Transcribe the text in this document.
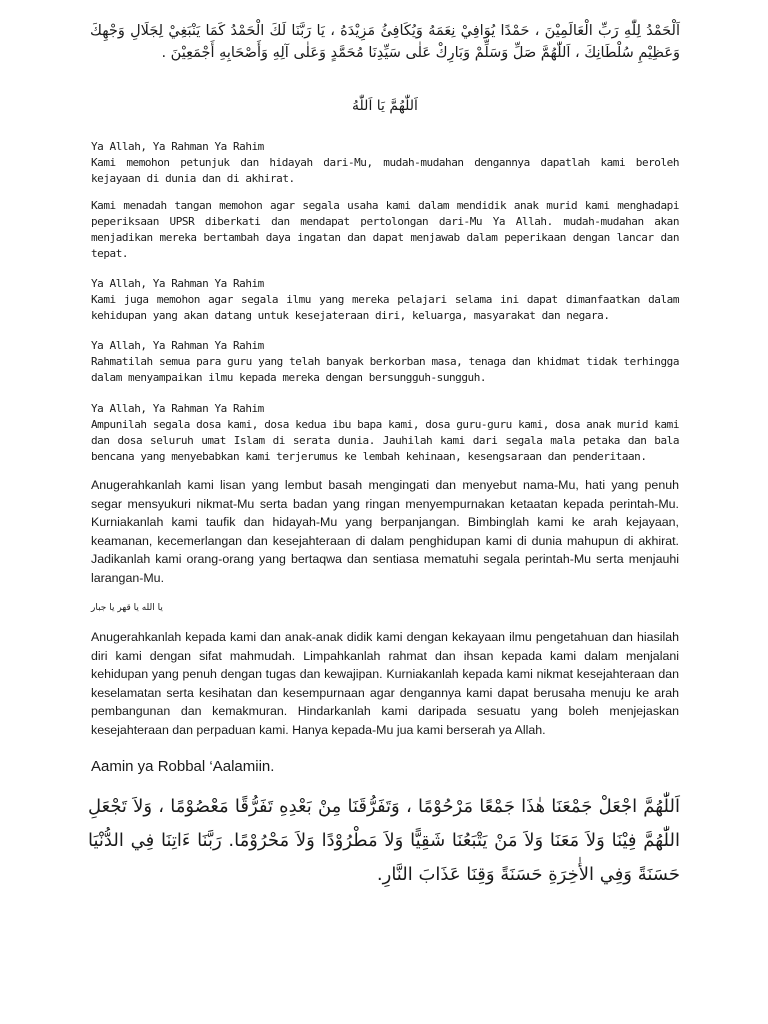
اَلْحَمْدُ لِلّٰهِ رَبِّ الْعَالَمِيْنَ ، حَمْدًا يُوَافِيْ نِعَمَهُ وَيُكَافِئُ مَزِيْدَهُ ، يَا رَبَّنَا لَكَ الْحَمْدُ كَمَا يَنْبَغِيْ لِجَلَالِ وَجْهِكَ وَعَظِيْمِ سُلْطَانِكَ ، اَللّٰهُمَّ صَلِّ وَسَلِّمْ وَبَارِكْ عَلٰى سَيِّدِنَا مُحَمَّدٍ وَعَلٰى آلِهِ وَأَصْحَابِهِ أَجْمَعِيْنَ .
اَللّٰهُمَّ يَا اَللّٰهُ

Ya Allah, Ya Rahman Ya Rahim

Kami memohon petunjuk dan hidayah dari-Mu, mudah-mudahan dengannya dapatlah kami beroleh kejayaan di dunia dan di akhirat.

Kami menadah tangan memohon agar segala usaha kami dalam mendidik anak murid kami menghadapi peperiksaan UPSR diberkati dan mendapat pertolongan dari-Mu Ya Allah. mudah-mudahan akan menjadikan mereka bertambah daya ingatan dan dapat menjawab dalam peperikaan dengan lancar dan tepat.

Ya Allah, Ya Rahman Ya Rahim

Kami juga memohon agar segala ilmu yang mereka pelajari selama ini dapat dimanfaatkan dalam kehidupan yang akan datang untuk kesejateraan diri, keluarga, masyarakat dan negara.

Ya Allah, Ya Rahman Ya Rahim

Rahmatilah semua para guru yang telah banyak berkorban masa, tenaga dan khidmat tidak terhingga dalam menyampaikan ilmu kepada mereka dengan bersungguh-sungguh.

Ya Allah, Ya Rahman Ya Rahim

Ampunilah segala dosa kami, dosa kedua ibu bapa kami, dosa guru-guru kami, dosa anak murid kami dan dosa seluruh umat Islam di serata dunia. Jauhilah kami dari segala mala petaka dan bala bencana yang menyebabkan kami terjerumus ke lembah kehinaan, kesengsaraan dan penderitaan.

Anugerahkanlah kami lisan yang lembut basah mengingati dan menyebut nama-Mu, hati yang penuh segar mensyukuri nikmat-Mu serta badan yang ringan menyempurnakan ketaatan kepada perintah-Mu. Kurniakanlah kami taufik dan hidayah-Mu yang berpanjangan. Bimbinglah kami ke arah kejayaan, keamanan, kecemerlangan dan kesejahteraan di dalam penghidupan kami di dunia mahupun di akhirat. Jadikanlah kami orang-orang yang bertaqwa dan sentiasa mematuhi segala perintah-Mu serta menjauhi larangan-Mu.

يا الله يا قهر يا جبار

Anugerahkanlah kepada kami dan anak-anak didik kami dengan kekayaan ilmu pengetahuan dan hiasilah diri kami dengan sifat mahmudah. Limpahkanlah rahmat dan ihsan kepada kami dalam menjalani kehidupan yang penuh dengan tugas dan kewajipan. Kurniakanlah kepada kami nikmat kesejahteraan dan keselamatan serta kesihatan dan kesempurnaan agar dengannya kami dapat berusaha menuju ke arah pembangunan dan kemakmuran. Hindarkanlah kami daripada sesuatu yang boleh menjejaskan kesejahteraan dan perpaduan kami. Hanya kepada-Mu jua kami berserah ya Allah.

Aamin ya Robbal ‘Aalamiin.
اَللّٰهُمَّ اجْعَلْ جَمْعَنَا هٰذَا جَمْعًا مَرْحُوْمًا ، وَتَفَرُّقَنَا مِنْ بَعْدِهِ تَفَرُّقًا مَعْصُوْمًا ، وَلاَ تَجْعَلِ اللّٰهُمَّ فِيْنَا وَلاَ مَعَنَا وَلاَ مَنْ يَتْبَعُنَا شَقِيًّا وَلاَ مَطْرُوْدًا وَلاَ مَحْرُوْمًا. رَبَّنَا ءَاتِنَا فِي الدُّنْيَا حَسَنَةً وَفِي الأٰخِرَةِ حَسَنَةً وَقِنَا عَذَابَ النَّارِ.
